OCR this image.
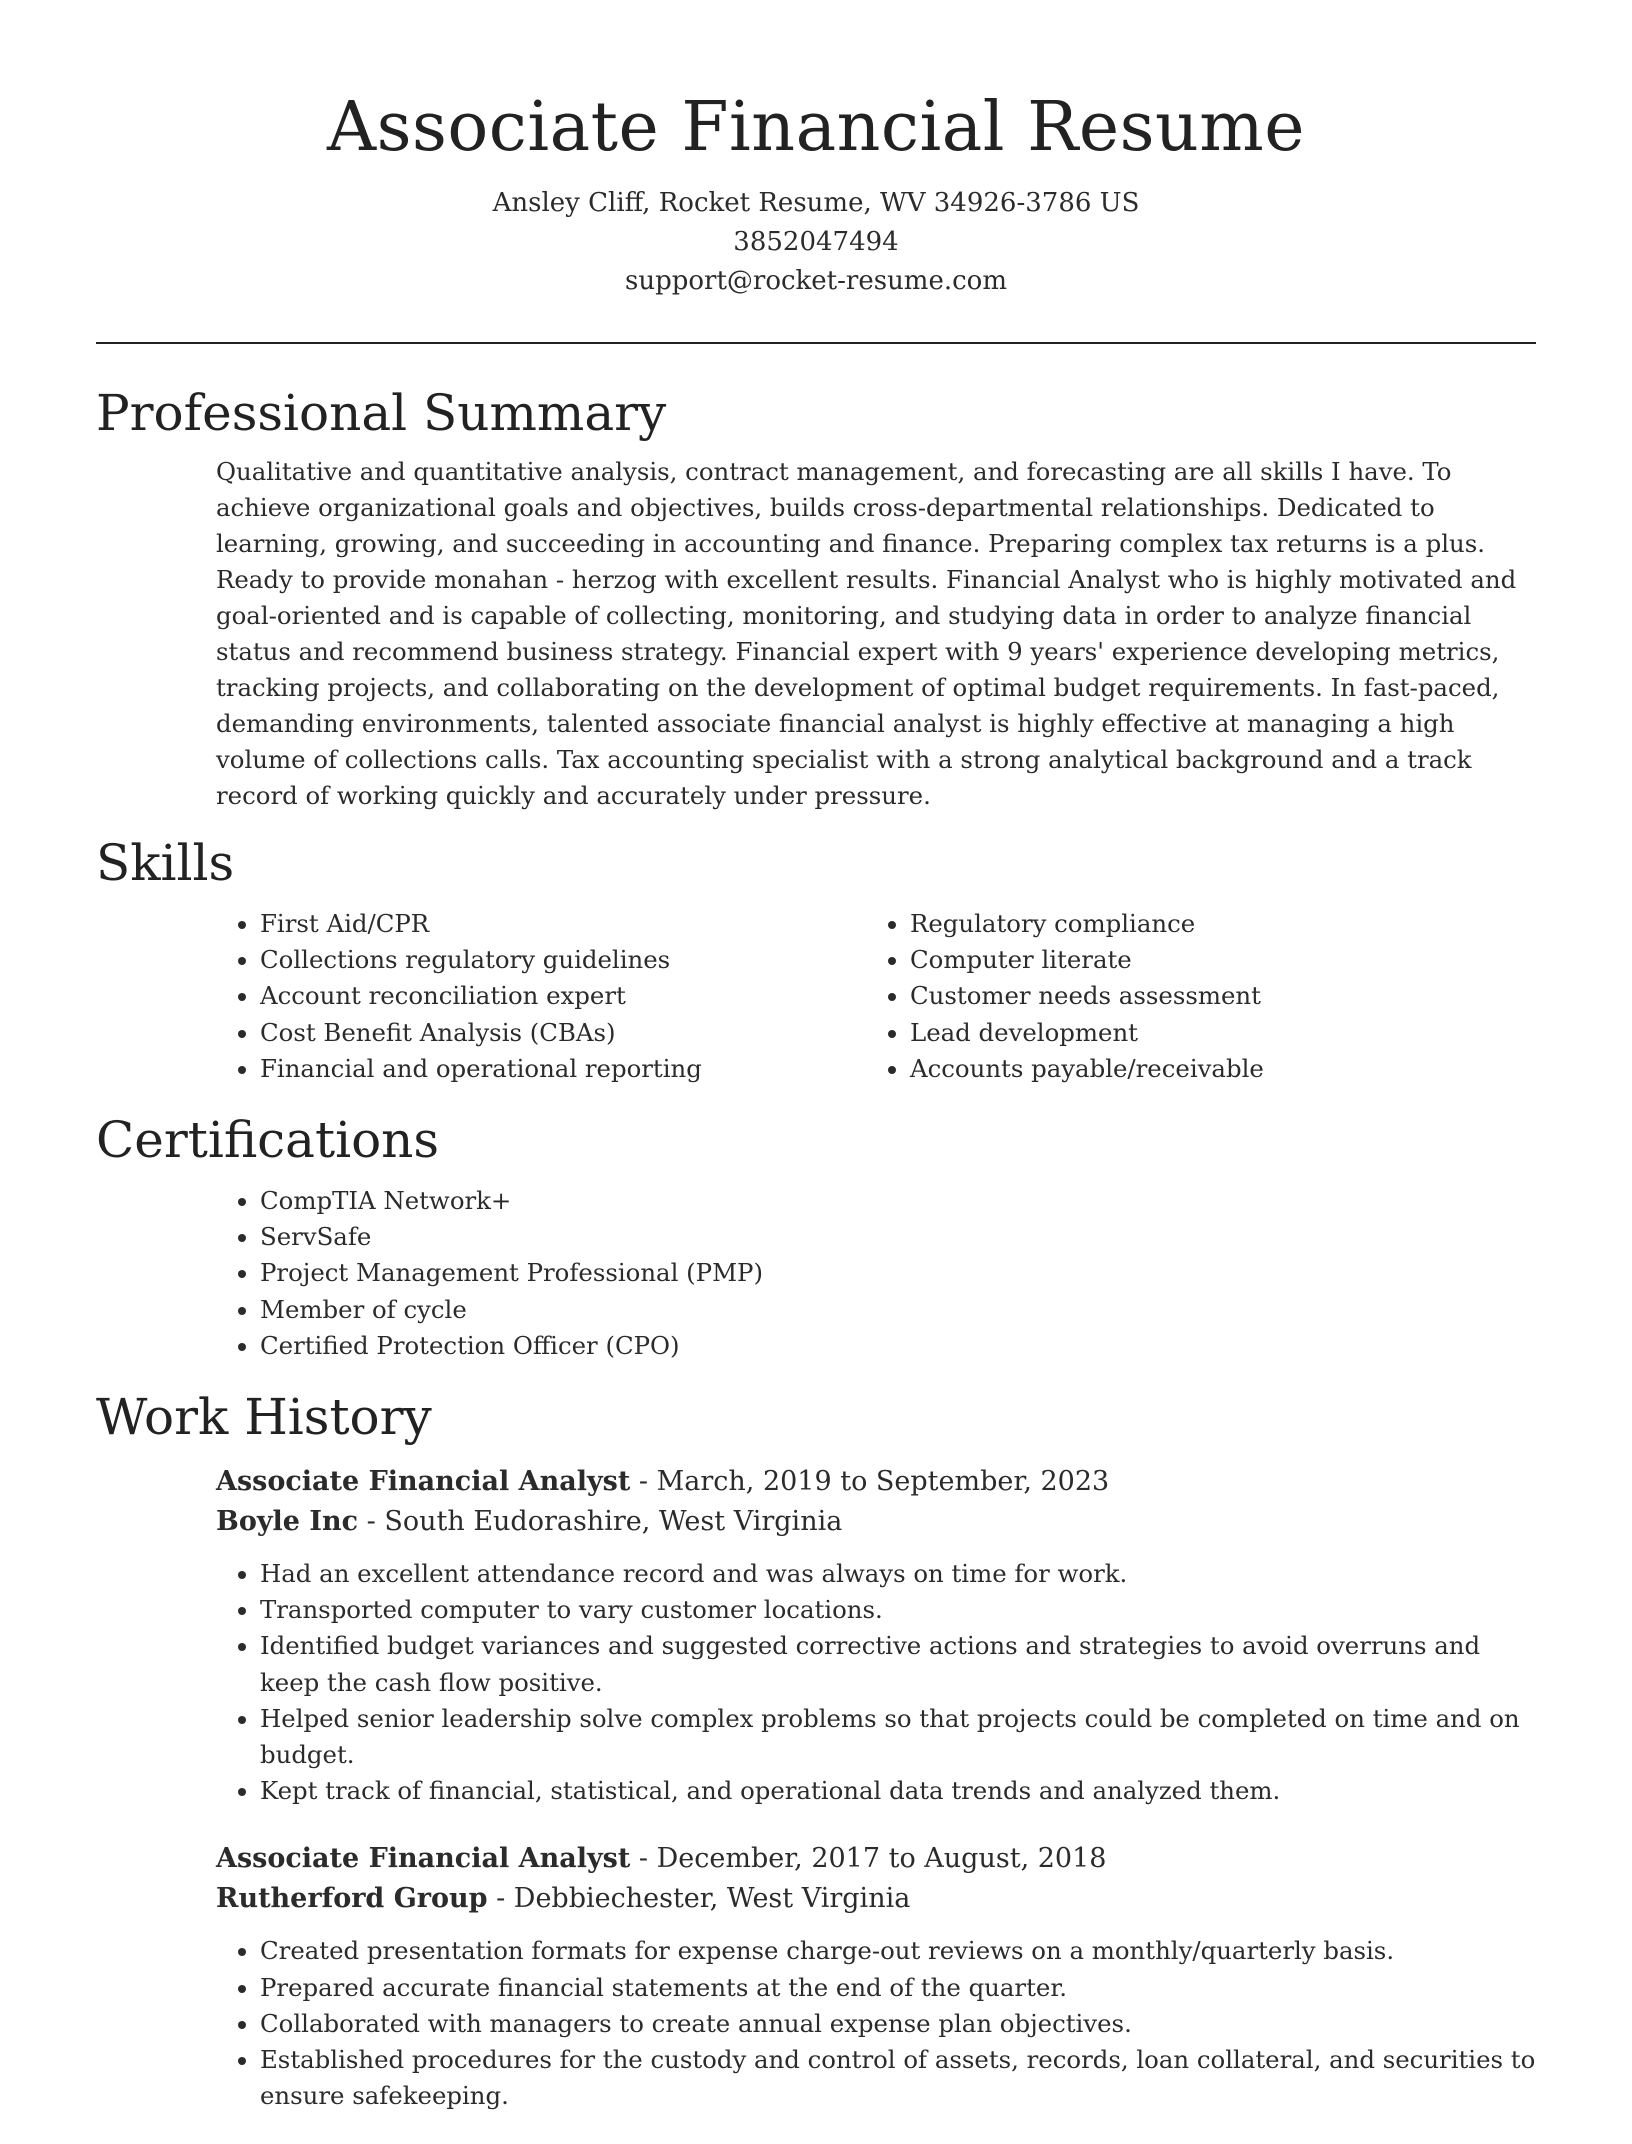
Associate Financial Resume
Ansley Cliff, Rocket Resume, WV 34926-3786 US
3852047494
support@rocket-resume.com
Professional Summary

Qualitative and quantitative analysis, contract management, and forecasting are all skills I have. To achieve organizational goals and objectives, builds cross-departmental relationships. Dedicated to learning, growing, and succeeding in accounting and finance. Preparing complex tax returns is a plus. Ready to provide monahan - herzog with excellent results. Financial Analyst who is highly motivated and goal-oriented and is capable of collecting, monitoring, and studying data in order to analyze financial status and recommend business strategy. Financial expert with 9 years' experience developing metrics, tracking projects, and collaborating on the development of optimal budget requirements. In fast-paced, demanding environments, talented associate financial analyst is highly effective at managing a high volume of collections calls. Tax accounting specialist with a strong analytical background and a track record of working quickly and accurately under pressure.

Skills
• First Aid/CPR
• Collections regulatory guidelines
• Account reconciliation expert
• Cost Benefit Analysis (CBAs)
• Financial and operational reporting
• Regulatory compliance
• Computer literate
• Customer needs assessment
• Lead development
• Accounts payable/receivable
Certifications
• CompTIA Network+
• ServSafe
• Project Management Professional (PMP)
• Member of cycle
• Certified Protection Officer (CPO)
Work History
Associate Financial Analyst - March, 2019 to September, 2023
Boyle Inc - South Eudorashire, West Virginia
• Had an excellent attendance record and was always on time for work.
• Transported computer to vary customer locations.
• Identified budget variances and suggested corrective actions and strategies to avoid overruns and keep the cash flow positive.
• Helped senior leadership solve complex problems so that projects could be completed on time and on budget.
• Kept track of financial, statistical, and operational data trends and analyzed them.
Associate Financial Analyst - December, 2017 to August, 2018
Rutherford Group - Debbiechester, West Virginia
• Created presentation formats for expense charge-out reviews on a monthly/quarterly basis.
• Prepared accurate financial statements at the end of the quarter.
• Collaborated with managers to create annual expense plan objectives.
• Established procedures for the custody and control of assets, records, loan collateral, and securities to ensure safekeeping.
